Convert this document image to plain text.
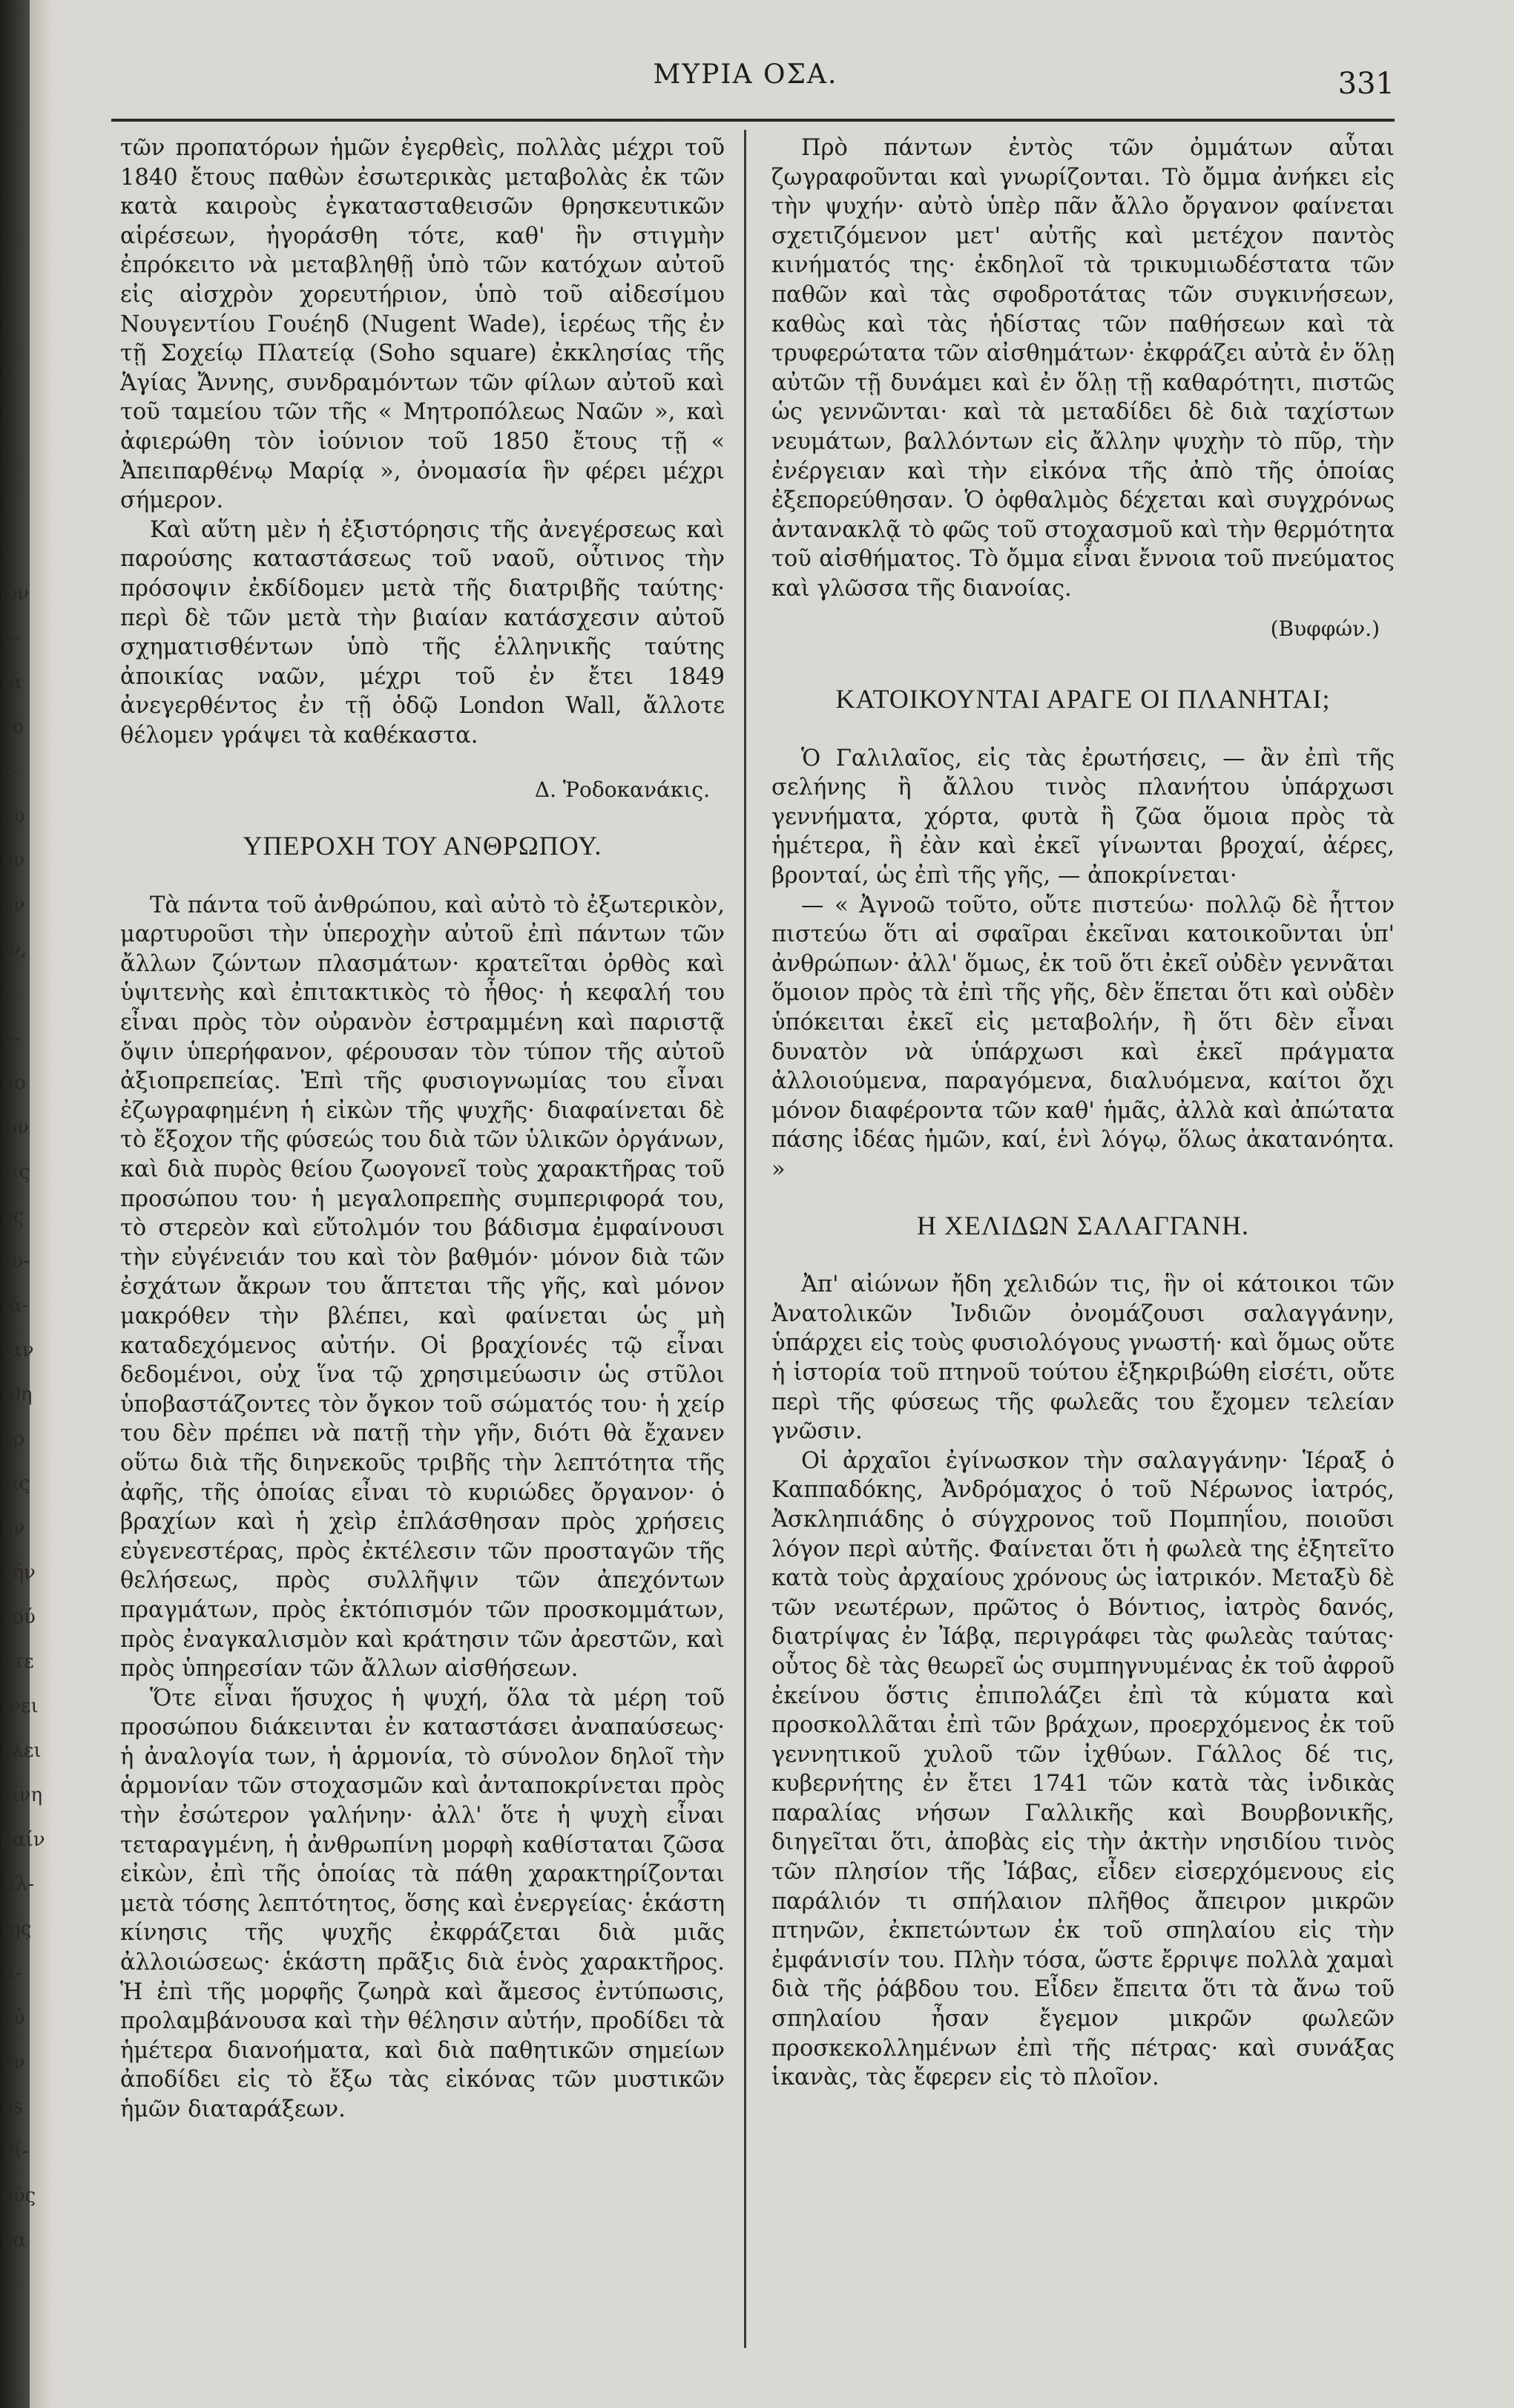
ς
ί
l-
l-
ν
l-
l
)
ί-
ών
ύ-
ιά
το
έ-
ου
ήν
ον
ίν,
έ-
ύ-
πο
ών
εις
ής
ευ-
ιά-
ίαν
ίθη
όρ
εις
ην
τήν
τού
ύτε
ίνει
ελει
είνη
βαίν
Άλ-
ίης
Ά-
ού
ύν
ηs
Ρί-
ούς
ῦα
ΜΥΡΙΑ ΟΣΑ.	331

τῶν προπατόρων ἡμῶν ἐγερθεὶς, πολλὰς μέχρι τοῦ 1840 ἔτους παθὼν ἐσωτερικὰς μεταβολὰς ἐκ τῶν κατὰ καιροὺς ἐγκατασταθεισῶν θρησκευτικῶν αἱρέσεων, ἠγοράσθη τότε, καθ' ἣν στιγμὴν ἐπρόκειτο νὰ μεταβληθῇ ὑπὸ τῶν κατόχων αὐτοῦ εἰς αἰσχρὸν χορευτήριον, ὑπὸ τοῦ αἰδεσίμου Νουγεντίου Γουέηδ (Nugent Wade), ἱερέως τῆς ἐν τῇ Σοχείῳ Πλατείᾳ (Soho square) ἐκκλησίας τῆς Ἁγίας Ἄννης, συνδραμόντων τῶν φίλων αὐτοῦ καὶ τοῦ ταμείου τῶν τῆς « Μητροπόλεως Ναῶν », καὶ ἀφιερώθη τὸν ἰούνιον τοῦ 1850 ἔτους τῇ « Ἀπειπαρθένῳ Μαρίᾳ », ὀνομασία ἣν φέρει μέχρι σήμερον.

Καὶ αὕτη μὲν ἡ ἐξιστόρησις τῆς ἀνεγέρσεως καὶ παρούσης καταστάσεως τοῦ ναοῦ, οὗτινος τὴν πρόσοψιν ἐκδίδομεν μετὰ τῆς διατριβῆς ταύτης· περὶ δὲ τῶν μετὰ τὴν βιαίαν κατάσχεσιν αὐτοῦ σχηματισθέντων ὑπὸ τῆς ἑλληνικῆς ταύτης ἀποικίας ναῶν, μέχρι τοῦ ἐν ἔτει 1849 ἀνεγερθέντος ἐν τῇ ὁδῷ London Wall, ἄλλοτε θέλομεν γράψει τὰ καθέκαστα.

Δ. Ῥοδοκανάκις.
ΥΠΕΡΟΧΗ ΤΟΥ ΑΝΘΡΩΠΟΥ.

Τὰ πάντα τοῦ ἀνθρώπου, καὶ αὐτὸ τὸ ἐξωτερικὸν, μαρτυροῦσι τὴν ὑπεροχὴν αὐτοῦ ἐπὶ πάντων τῶν ἄλλων ζώντων πλασμάτων· κρατεῖται ὀρθὸς καὶ ὑψιτενὴς καὶ ἐπιτακτικὸς τὸ ἦθος· ἡ κεφαλή του εἶναι πρὸς τὸν οὐρανὸν ἐστραμμένη καὶ παριστᾷ ὄψιν ὑπερήφανον, φέρουσαν τὸν τύπον τῆς αὐτοῦ ἀξιοπρεπείας. Ἐπὶ τῆς φυσιογνωμίας του εἶναι ἐζωγραφημένη ἡ εἰκὼν τῆς ψυχῆς· διαφαίνεται δὲ τὸ ἔξοχον τῆς φύσεώς του διὰ τῶν ὑλικῶν ὀργάνων, καὶ διὰ πυρὸς θείου ζωογονεῖ τοὺς χαρακτῆρας τοῦ προσώπου του· ἡ μεγαλοπρεπὴς συμπεριφορά του, τὸ στερεὸν καὶ εὔτολμόν του βάδισμα ἐμφαίνουσι τὴν εὐγένειάν του καὶ τὸν βαθμόν· μόνον διὰ τῶν ἐσχάτων ἄκρων του ἅπτεται τῆς γῆς, καὶ μόνον μακρόθεν τὴν βλέπει, καὶ φαίνεται ὡς μὴ καταδεχόμενος αὐτήν. Οἱ βραχίονές τῷ εἶναι δεδομένοι, οὐχ ἵνα τῷ χρησιμεύωσιν ὡς στῦλοι ὑποβαστάζοντες τὸν ὄγκον τοῦ σώματός του· ἡ χείρ του δὲν πρέπει νὰ πατῇ τὴν γῆν, διότι θὰ ἔχανεν οὕτω διὰ τῆς διηνεκοῦς τριβῆς τὴν λεπτότητα τῆς ἀφῆς, τῆς ὁποίας εἶναι τὸ κυριώδες ὄργανον· ὁ βραχίων καὶ ἡ χεὶρ ἐπλάσθησαν πρὸς χρήσεις εὐγενεστέρας, πρὸς ἐκτέλεσιν τῶν προσταγῶν τῆς θελήσεως, πρὸς συλλῆψιν τῶν ἀπεχόντων πραγμάτων, πρὸς ἐκτόπισμόν τῶν προσκομμάτων, πρὸς ἐναγκαλισμὸν καὶ κράτησιν τῶν ἀρεστῶν, καὶ πρὸς ὑπηρεσίαν τῶν ἄλλων αἰσθήσεων.

Ὅτε εἶναι ἥσυχος ἡ ψυχή, ὅλα τὰ μέρη τοῦ προσώπου διάκεινται ἐν καταστάσει ἀναπαύσεως· ἡ ἀναλογία των, ἡ ἁρμονία, τὸ σύνολον δηλοῖ τὴν ἁρμονίαν τῶν στοχασμῶν καὶ ἀνταποκρίνεται πρὸς τὴν ἐσώτερον γαλήνην· ἀλλ' ὅτε ἡ ψυχὴ εἶναι τεταραγμένη, ἡ ἀνθρωπίνη μορφὴ καθίσταται ζῶσα εἰκὼν, ἐπὶ τῆς ὁποίας τὰ πάθη χαρακτηρίζονται μετὰ τόσης λεπτότητος, ὅσης καὶ ἐνεργείας· ἑκάστη κίνησις τῆς ψυχῆς ἐκφράζεται διὰ μιᾶς ἀλλοιώσεως· ἑκάστη πρᾶξις διὰ ἑνὸς χαρακτῆρος. Ἡ ἐπὶ τῆς μορφῆς ζωηρὰ καὶ ἄμεσος ἐντύπωσις, προλαμβάνουσα καὶ τὴν θέλησιν αὐτήν, προδίδει τὰ ἡμέτερα διανοήματα, καὶ διὰ παθητικῶν σημείων ἀποδίδει εἰς τὸ ἔξω τὰς εἰκόνας τῶν μυστικῶν ἡμῶν διαταράξεων.

Πρὸ πάντων ἐντὸς τῶν ὀμμάτων αὗται ζωγραφοῦνται καὶ γνωρίζονται. Τὸ ὄμμα ἀνήκει εἰς τὴν ψυχήν· αὐτὸ ὑπὲρ πᾶν ἄλλο ὄργανον φαίνεται σχετιζόμενον μετ' αὐτῆς καὶ μετέχον παντὸς κινήματός της· ἐκδηλοῖ τὰ τρικυμιωδέστατα τῶν παθῶν καὶ τὰς σφοδροτάτας τῶν συγκινήσεων, καθὼς καὶ τὰς ἡδίστας τῶν παθήσεων καὶ τὰ τρυφερώτατα τῶν αἰσθημάτων· ἐκφράζει αὐτὰ ἐν ὅλῃ αὐτῶν τῇ δυνάμει καὶ ἐν ὅλῃ τῇ καθαρότητι, πιστῶς ὡς γεννῶνται· καὶ τὰ μεταδίδει δὲ διὰ ταχίστων νευμάτων, βαλλόντων εἰς ἄλλην ψυχὴν τὸ πῦρ, τὴν ἐνέργειαν καὶ τὴν εἰκόνα τῆς ἀπὸ τῆς ὁποίας ἐξεπορεύθησαν. Ὁ ὀφθαλμὸς δέχεται καὶ συγχρόνως ἀντανακλᾷ τὸ φῶς τοῦ στοχασμοῦ καὶ τὴν θερμότητα τοῦ αἰσθήματος. Τὸ ὄμμα εἶναι ἔννοια τοῦ πνεύματος καὶ γλῶσσα τῆς διανοίας.

(Βυφφών.)
ΚΑΤΟΙΚΟΥΝΤΑΙ ΑΡΑΓΕ ΟΙ ΠΛΑΝΗΤΑΙ;

Ὁ Γαλιλαῖος, εἰς τὰς ἐρωτήσεις, — ἂν ἐπὶ τῆς σελήνης ἢ ἄλλου τινὸς πλανήτου ὑπάρχωσι γεννήματα, χόρτα, φυτὰ ἢ ζῶα ὅμοια πρὸς τὰ ἡμέτερα, ἢ ἐὰν καὶ ἐκεῖ γίνωνται βροχαί, ἀέρες, βρονταί, ὡς ἐπὶ τῆς γῆς, — ἀποκρίνεται·

— « Ἀγνοῶ τοῦτο, οὔτε πιστεύω· πολλῷ δὲ ἧττον πιστεύω ὅτι αἱ σφαῖραι ἐκεῖναι κατοικοῦνται ὑπ' ἀνθρώπων· ἀλλ' ὅμως, ἐκ τοῦ ὅτι ἐκεῖ οὐδὲν γεννᾶται ὅμοιον πρὸς τὰ ἐπὶ τῆς γῆς, δὲν ἕπεται ὅτι καὶ οὐδὲν ὑπόκειται ἐκεῖ εἰς μεταβολήν, ἢ ὅτι δὲν εἶναι δυνατὸν νὰ ὑπάρχωσι καὶ ἐκεῖ πράγματα ἀλλοιούμενα, παραγόμενα, διαλυόμενα, καίτοι ὄχι μόνον διαφέροντα τῶν καθ' ἡμᾶς, ἀλλὰ καὶ ἀπώτατα πάσης ἰδέας ἡμῶν, καί, ἑνὶ λόγῳ, ὅλως ἀκατανόητα. »

Η ΧΕΛΙΔΩΝ ΣΑΛΑΓΓΑΝΗ.

Ἀπ' αἰώνων ἤδη χελιδών τις, ἣν οἱ κάτοικοι τῶν Ἀνατολικῶν Ἰνδιῶν ὀνομάζουσι σαλαγγάνην, ὑπάρχει εἰς τοὺς φυσιολόγους γνωστή· καὶ ὅμως οὔτε ἡ ἱστορία τοῦ πτηνοῦ τούτου ἐξηκριβώθη εἰσέτι, οὔτε περὶ τῆς φύσεως τῆς φωλεᾶς του ἔχομεν τελείαν γνῶσιν.

Οἱ ἀρχαῖοι ἐγίνωσκον τὴν σαλαγγάνην· Ἱέραξ ὁ Καππαδόκης, Ἀνδρόμαχος ὁ τοῦ Νέρωνος ἰατρός, Ἀσκληπιάδης ὁ σύγχρονος τοῦ Πομπηΐου, ποιοῦσι λόγον περὶ αὐτῆς. Φαίνεται ὅτι ἡ φωλεὰ της ἐξητεῖτο κατὰ τοὺς ἀρχαίους χρόνους ὡς ἰατρικόν. Μεταξὺ δὲ τῶν νεωτέρων, πρῶτος ὁ Βόντιος, ἰατρὸς δανός, διατρίψας ἐν Ἰάβᾳ, περιγράφει τὰς φωλεὰς ταύτας· οὗτος δὲ τὰς θεωρεῖ ὡς συμπηγνυμένας ἐκ τοῦ ἀφροῦ ἐκείνου ὅστις ἐπιπολάζει ἐπὶ τὰ κύματα καὶ προσκολλᾶται ἐπὶ τῶν βράχων, προερχόμενος ἐκ τοῦ γεννητικοῦ χυλοῦ τῶν ἰχθύων. Γάλλος δέ τις, κυβερνήτης ἐν ἔτει 1741 τῶν κατὰ τὰς ἰνδικὰς παραλίας νήσων Γαλλικῆς καὶ Βουρβονικῆς, διηγεῖται ὅτι, ἀποβὰς εἰς τὴν ἀκτὴν νησιδίου τινὸς τῶν πλησίον τῆς Ἰάβας, εἶδεν εἰσερχόμενους εἰς παράλιόν τι σπήλαιον πλῆθος ἄπειρον μικρῶν πτηνῶν, ἐκπετώντων ἐκ τοῦ σπηλαίου εἰς τὴν ἐμφάνισίν του. Πλὴν τόσα, ὥστε ἔρριψε πολλὰ χαμαὶ διὰ τῆς ῥάβδου του. Εἶδεν ἔπειτα ὅτι τὰ ἄνω τοῦ σπηλαίου ἦσαν ἔγεμον μικρῶν φωλεῶν προσκεκολλημένων ἐπὶ τῆς πέτρας· καὶ συνάξας ἱκανὰς, τὰς ἔφερεν εἰς τὸ πλοῖον.
